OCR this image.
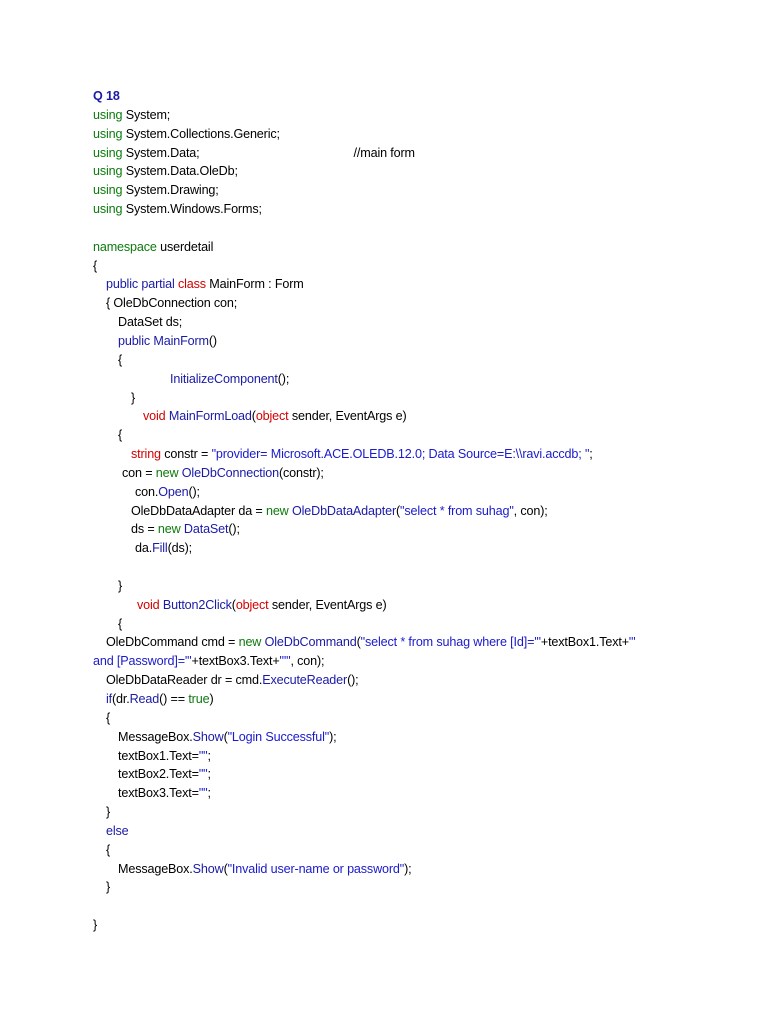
Q 18
using System;
using System.Collections.Generic;
using System.Data;                                              //main form
using System.Data.OleDb;
using System.Drawing;
using System.Windows.Forms;
namespace userdetail
{
public partial class MainForm : Form
{ OleDbConnection con;
DataSet ds;
public MainForm()
{
InitializeComponent();
}
void MainFormLoad(object sender, EventArgs e)
{
string constr = "provider= Microsoft.ACE.OLEDB.12.0; Data Source=E:\\ravi.accdb; ";
con = new OleDbConnection(constr);
con.Open();
OleDbDataAdapter da = new OleDbDataAdapter("select * from suhag", con);
ds = new DataSet();
da.Fill(ds);
}
void Button2Click(object sender, EventArgs e)
{
OleDbCommand cmd = new OleDbCommand("select * from suhag where [Id]='"+textBox1.Text+"'
and [Password]='"+textBox3.Text+"'", con);
OleDbDataReader dr = cmd.ExecuteReader();
if(dr.Read() == true)
{
MessageBox.Show("Login Successful");
textBox1.Text="";
textBox2.Text="";
textBox3.Text="";
}
else
{
MessageBox.Show("Invalid user-name or password");
}
}
